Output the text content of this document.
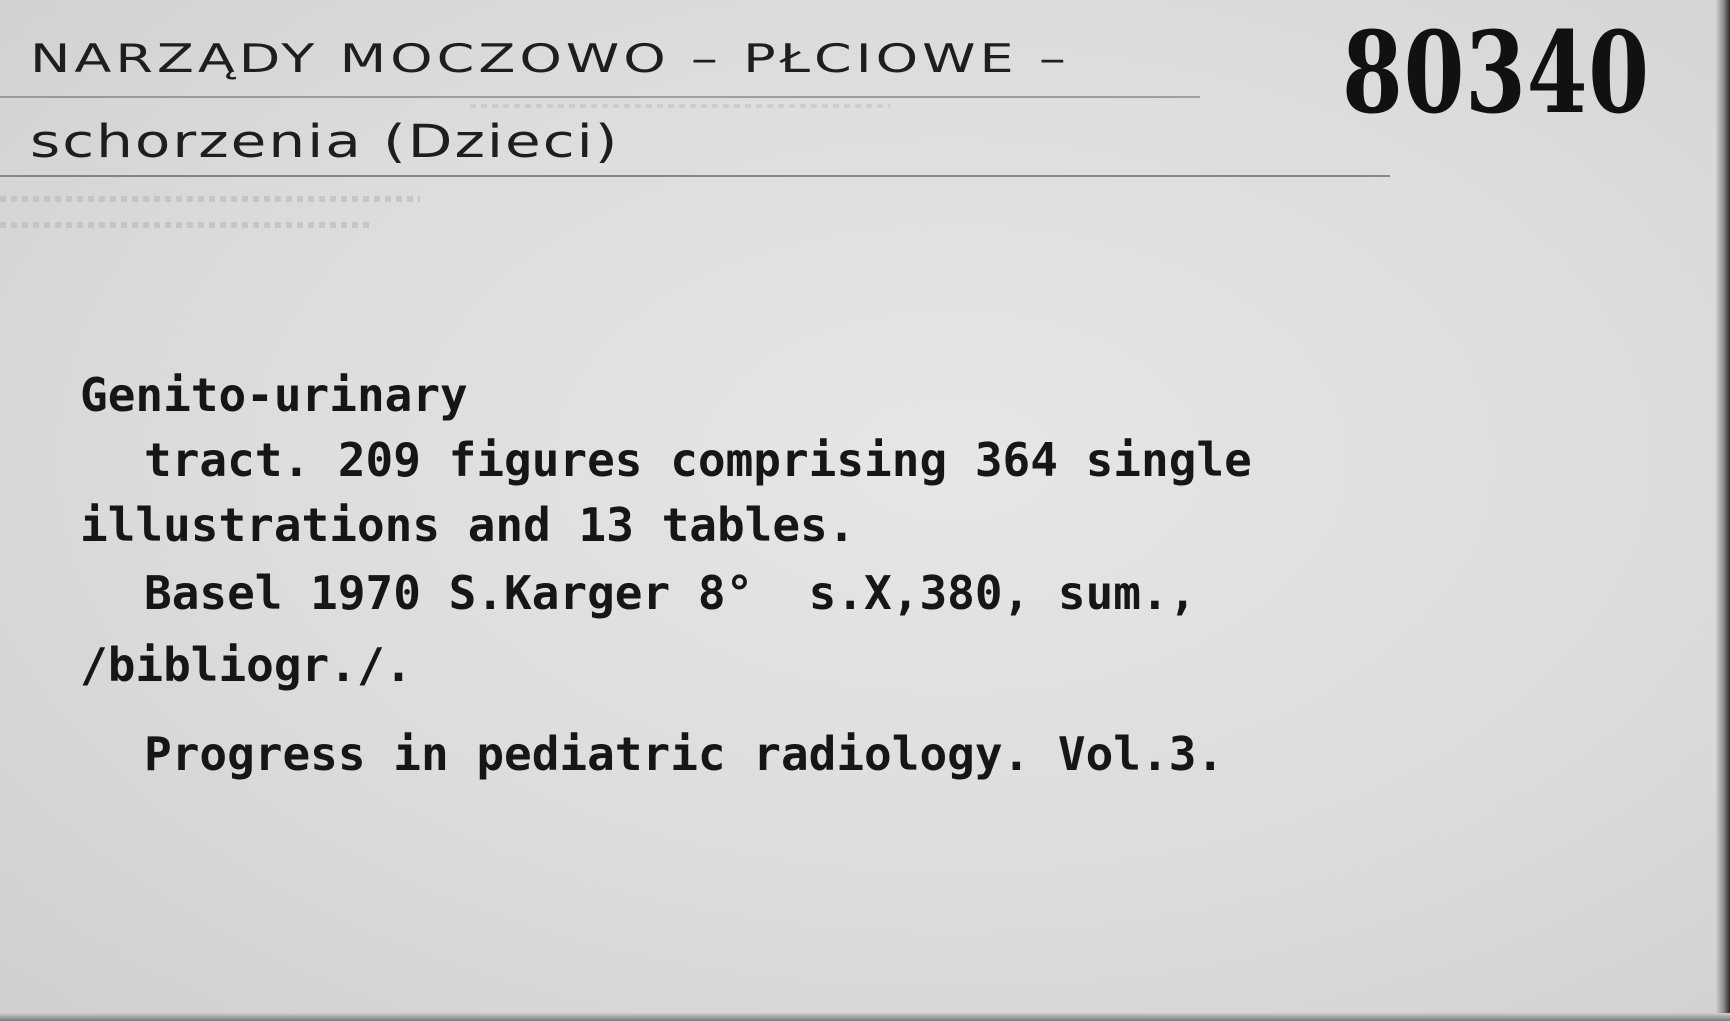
NARZĄDY MOCZOWO – PŁCIOWE –
schorzenia (Dzieci)
80340
Genito-urinary
tract. 209 figures comprising 364 single
illustrations and 13 tables.
Basel 1970 S.Karger 8°  s.X,380, sum.,
/bibliogr./.
Progress in pediatric radiology. Vol.3.
